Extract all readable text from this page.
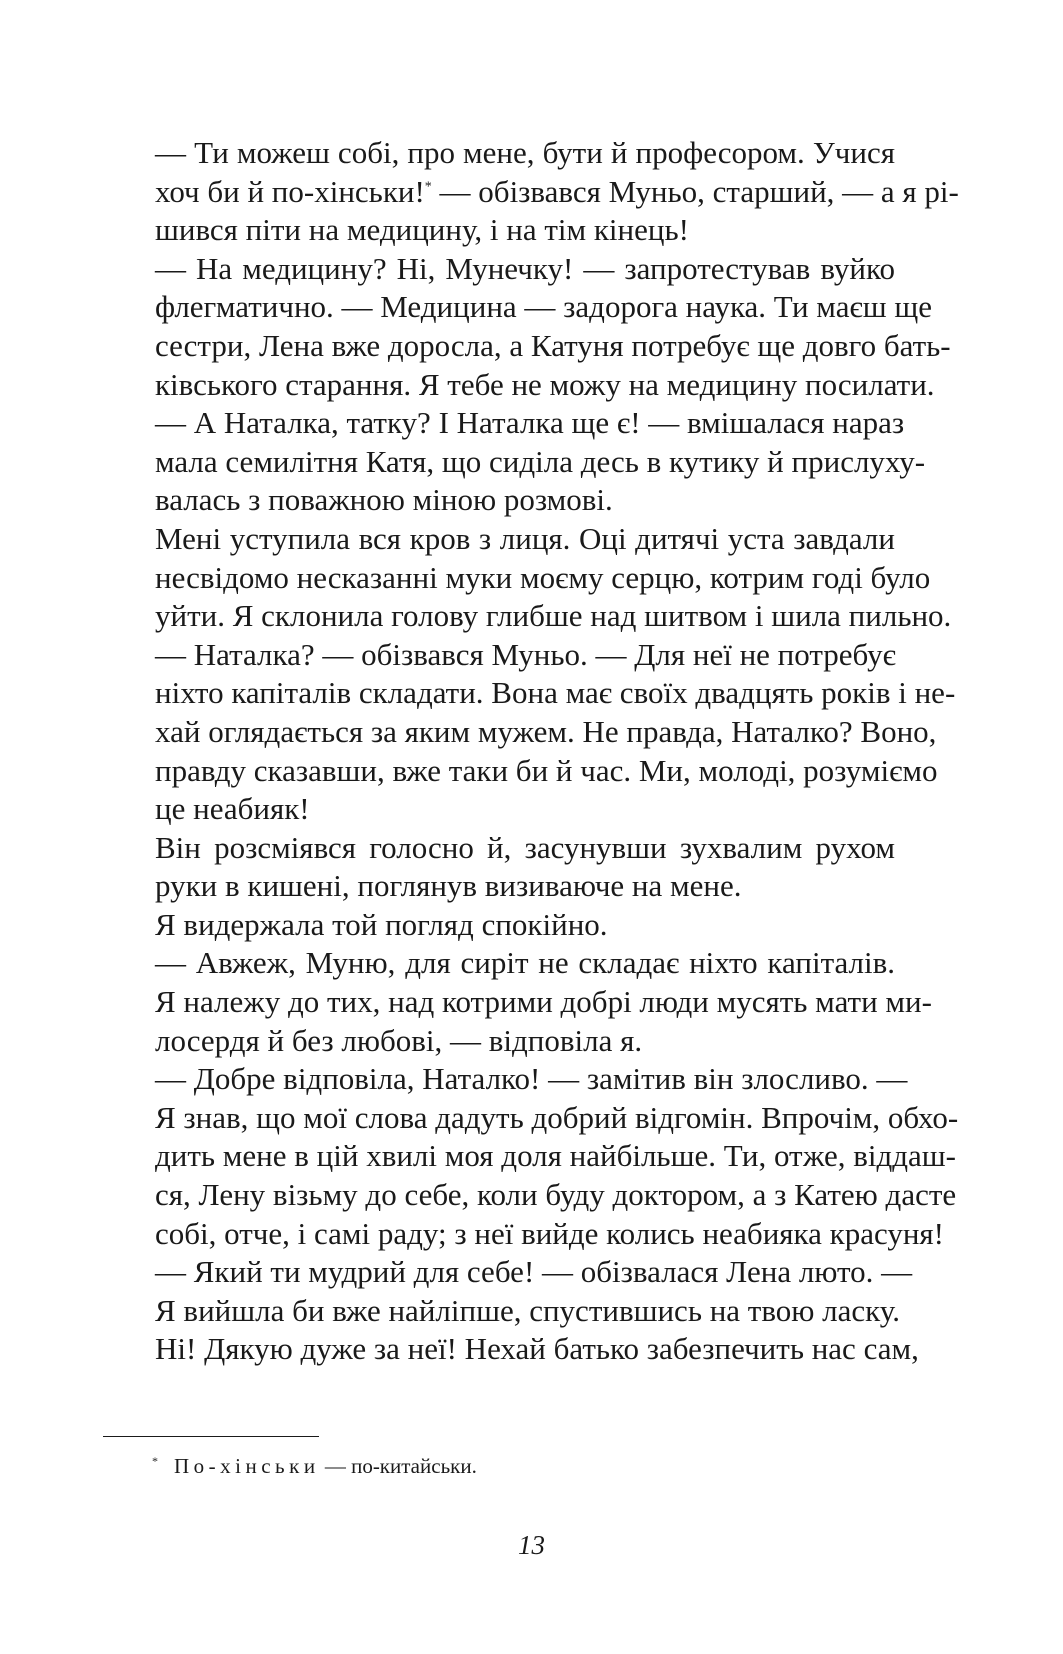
— Ти можеш собі, про мене, бути й професором. Учися
хоч би й по-хінськи!* — обізвався Муньо, старший, — а я рі-
шився піти на медицину, і на тім кінець!

— На медицину? Ні, Мунечку! — запротестував вуйко
флегматично. — Медицина — задорога наука. Ти маєш ще
сестри, Лена вже доросла, а Катуня потребує ще довго бать-
ківського старання. Я тебе не можу на медицину посилати.

— А Наталка, татку? І Наталка ще є! — вмішалася нараз
мала семилітня Катя, що сиділа десь в кутику й прислуху-
валась з поважною міною розмові.

Мені уступила вся кров з лиця. Оці дитячі уста завдали
несвідомо несказанні муки моєму серцю, котрим годі було
уйти. Я склонила голову глибше над шитвом і шила пильно.

— Наталка? — обізвався Муньо. — Для неї не потребує
ніхто капіталів складати. Вона має своїх двадцять років і не-
хай оглядається за яким мужем. Не правда, Наталко? Воно,
правду сказавши, вже таки би й час. Ми, молоді, розуміємо
це неабияк!

Він розсміявся голосно й, засунувши зухвалим рухом
руки в кишені, поглянув визиваюче на мене.

Я видержала той погляд спокійно.

— Авжеж, Муню, для сиріт не складає ніхто капіталів.
Я належу до тих, над котрими добрі люди мусять мати ми-
лосердя й без любові, — відповіла я.

— Добре відповіла, Наталко! — замітив він злосливо. —
Я знав, що мої слова дадуть добрий відгомін. Впрочім, обхо-
дить мене в цій хвилі моя доля найбільше. Ти, отже, віддаш-
ся, Лену візьму до себе, коли буду доктором, а з Катею дасте
собі, отче, і самі раду; з неї вийде колись неабияка красуня!

— Який ти мудрий для себе! — обізвалася Лена люто. —
Я вийшла би вже найліпше, спустившись на твою ласку.
Ні! Дякую дуже за неї! Нехай батько забезпечить нас сам,

* По-хінськи — по-китайськи.
13
